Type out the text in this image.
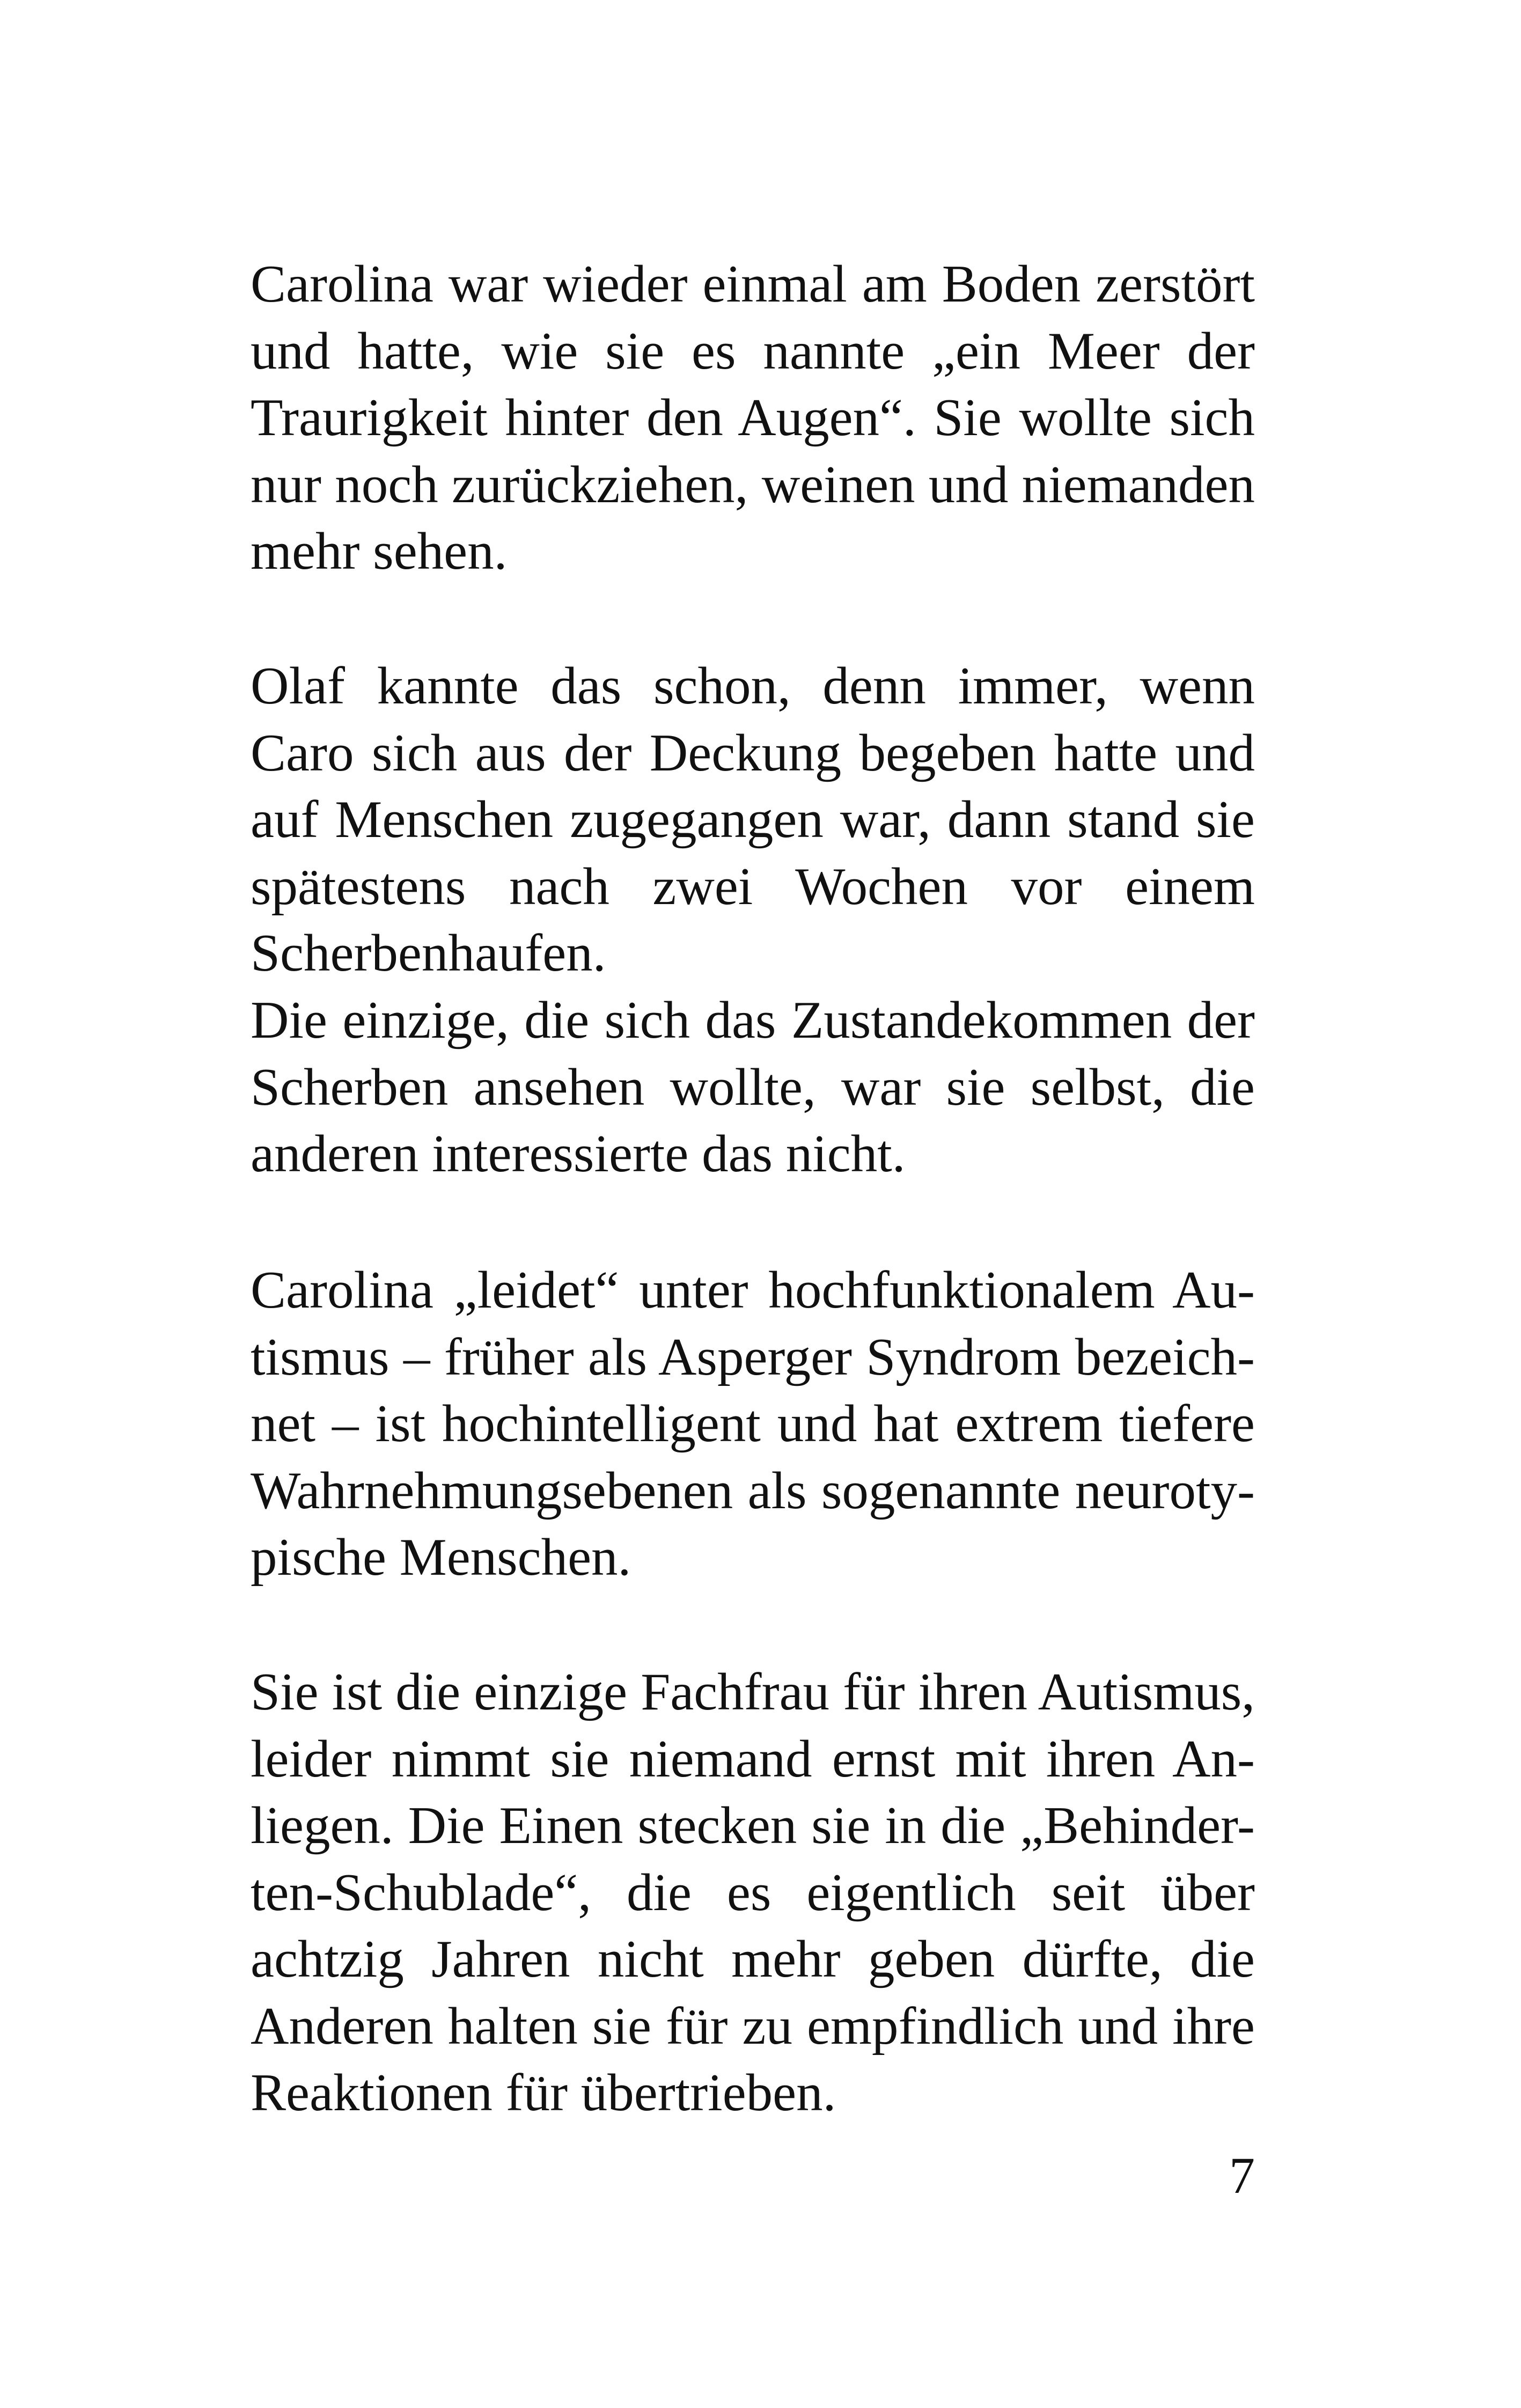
Carolina war wieder einmal am Boden zerstört
und hatte, wie sie es nannte „ein Meer der
Traurigkeit hinter den Augen“. Sie wollte sich
nur noch zurückziehen, weinen und niemanden
mehr sehen.
Olaf kannte das schon, denn immer, wenn
Caro sich aus der Deckung begeben hatte und
auf Menschen zugegangen war, dann stand sie
spätestens nach zwei Wochen vor einem
Scherbenhaufen.
Die einzige, die sich das Zustandekommen der
Scherben ansehen wollte, war sie selbst, die
anderen interessierte das nicht.
Carolina „leidet“ unter hochfunktionalem Au-
tismus – früher als Asperger Syndrom bezeich-
net – ist hochintelligent und hat extrem tiefere
Wahrnehmungsebenen als sogenannte neuroty-
pische Menschen.
Sie ist die einzige Fachfrau für ihren Autismus,
leider nimmt sie niemand ernst mit ihren An-
liegen. Die Einen stecken sie in die „Behinder-
ten-Schublade“, die es eigentlich seit über
achtzig Jahren nicht mehr geben dürfte, die
Anderen halten sie für zu empfindlich und ihre
Reaktionen für übertrieben.
7
